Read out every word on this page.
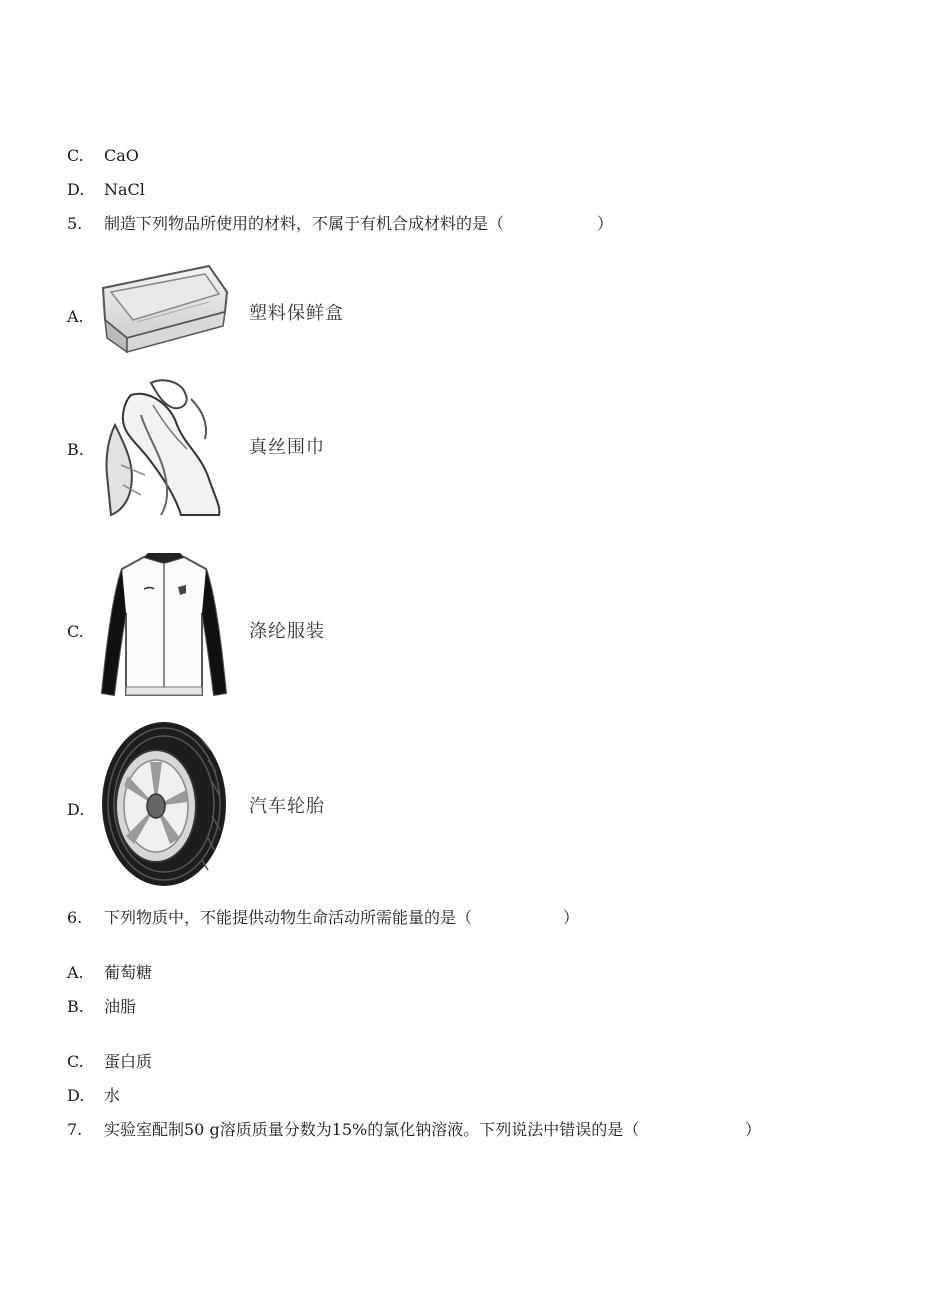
C. CaO
D. NaCl
5. 制造下列物品所使用的材料，不属于有机合成材料的是（	）
A.	塑料保鲜盒
B.	真丝围巾
C.	涤纶服装
D.	汽车轮胎
6. 下列物质中，不能提供动物生命活动所需能量的是（	）
A. 葡萄糖
B. 油脂
C. 蛋白质
D. 水
7. 实验室配制50 g溶质质量分数为15%的氯化钠溶液。下列说法中错误的是（	）
